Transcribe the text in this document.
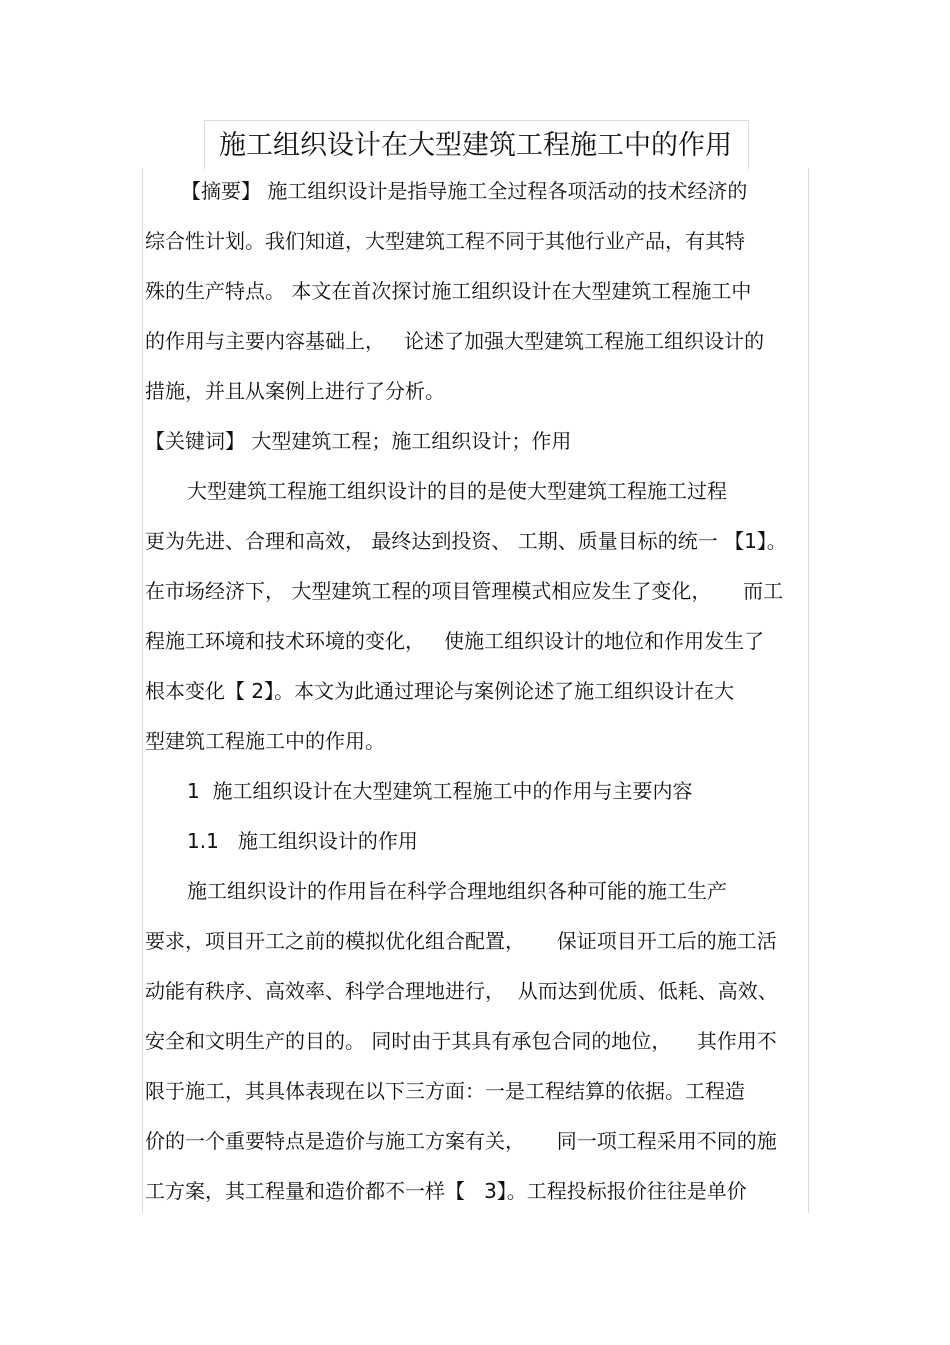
施工组织设计在大型建筑工程施工中的作用
【摘要】 施工组织设计是指导施工全过程各项活动的技术经济的
综合性计划。我们知道，大型建筑工程不同于其他行业产品，有其特
殊的生产特点。 本文在首次探讨施工组织设计在大型建筑工程施工中
的作用与主要内容基础上，   论述了加强大型建筑工程施工组织设计的
措施，并且从案例上进行了分析。
【关键词】 大型建筑工程；施工组织设计；作用
大型建筑工程施工组织设计的目的是使大型建筑工程施工过程
更为先进、合理和高效， 最终达到投资、 工期、质量目标的统一 【1】。
在市场经济下， 大型建筑工程的项目管理模式相应发生了变化，     而工
程施工环境和技术环境的变化，   使施工组织设计的地位和作用发生了
根本变化【 2】。本文为此通过理论与案例论述了施工组织设计在大
型建筑工程施工中的作用。
1  施工组织设计在大型建筑工程施工中的作用与主要内容
1.1   施工组织设计的作用
施工组织设计的作用旨在科学合理地组织各种可能的施工生产
要求，项目开工之前的模拟优化组合配置，     保证项目开工后的施工活
动能有秩序、高效率、科学合理地进行，  从而达到优质、低耗、高效、
安全和文明生产的目的。 同时由于其具有承包合同的地位，    其作用不
限于施工，其具体表现在以下三方面：一是工程结算的依据。工程造
价的一个重要特点是造价与施工方案有关，     同一项工程采用不同的施
工方案，其工程量和造价都不一样【   3】。工程投标报价往往是单价
